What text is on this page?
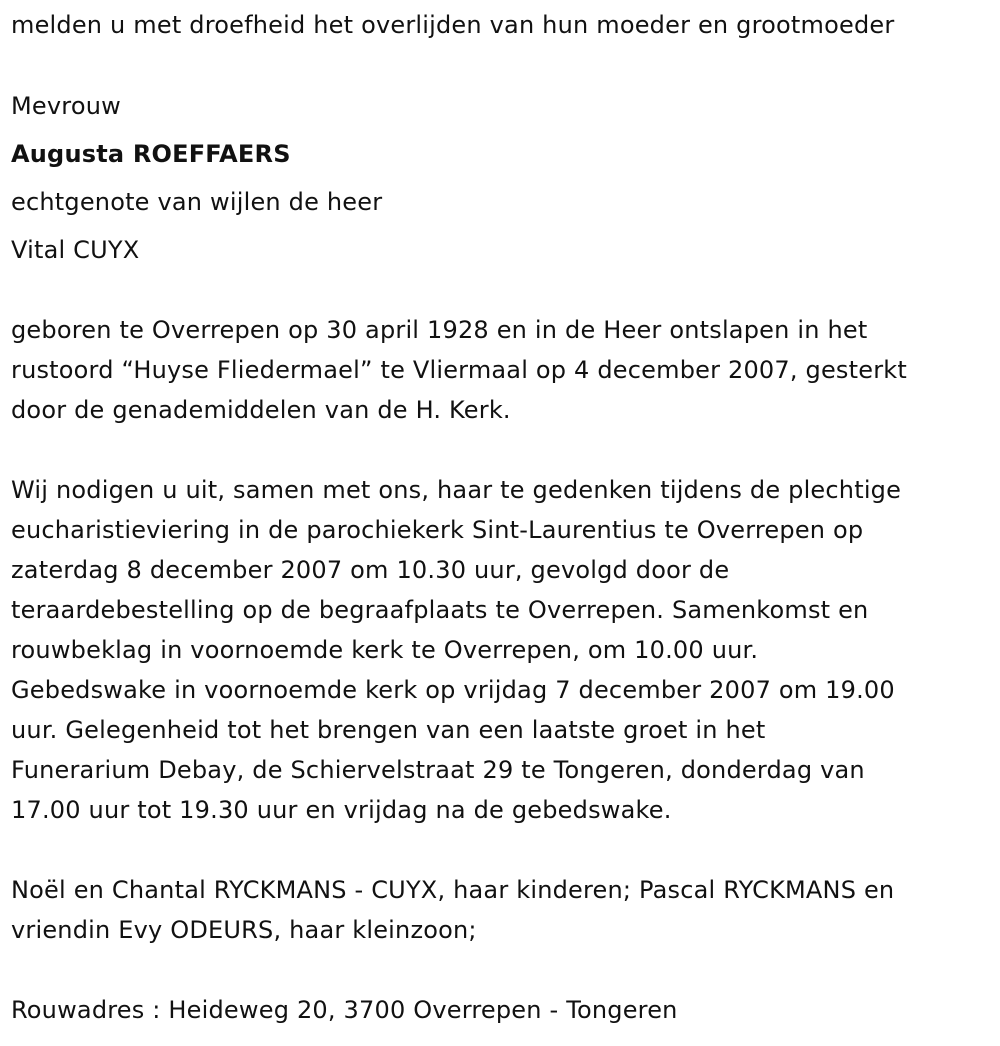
melden u met droefheid het overlijden van hun moeder en grootmoeder
Mevrouw
Augusta ROEFFAERS
echtgenote van wijlen de heer
Vital CUYX
geboren te Overrepen op 30 april 1928 en in de Heer ontslapen in het
rustoord “Huyse Fliedermael” te Vliermaal op 4 december 2007, gesterkt
door de genademiddelen van de H. Kerk.
Wij nodigen u uit, samen met ons, haar te gedenken tijdens de plechtige
eucharistieviering in de parochiekerk Sint-Laurentius te Overrepen op
zaterdag 8 december 2007 om 10.30 uur, gevolgd door de
teraardebestelling op de begraafplaats te Overrepen. Samenkomst en
rouwbeklag in voornoemde kerk te Overrepen, om 10.00 uur.
Gebedswake in voornoemde kerk op vrijdag 7 december 2007 om 19.00
uur. Gelegenheid tot het brengen van een laatste groet in het
Funerarium Debay, de Schiervelstraat 29 te Tongeren, donderdag van
17.00 uur tot 19.30 uur en vrijdag na de gebedswake.
Noël en Chantal RYCKMANS - CUYX, haar kinderen; Pascal RYCKMANS en
vriendin Evy ODEURS, haar kleinzoon;
Rouwadres : Heideweg 20, 3700 Overrepen - Tongeren
